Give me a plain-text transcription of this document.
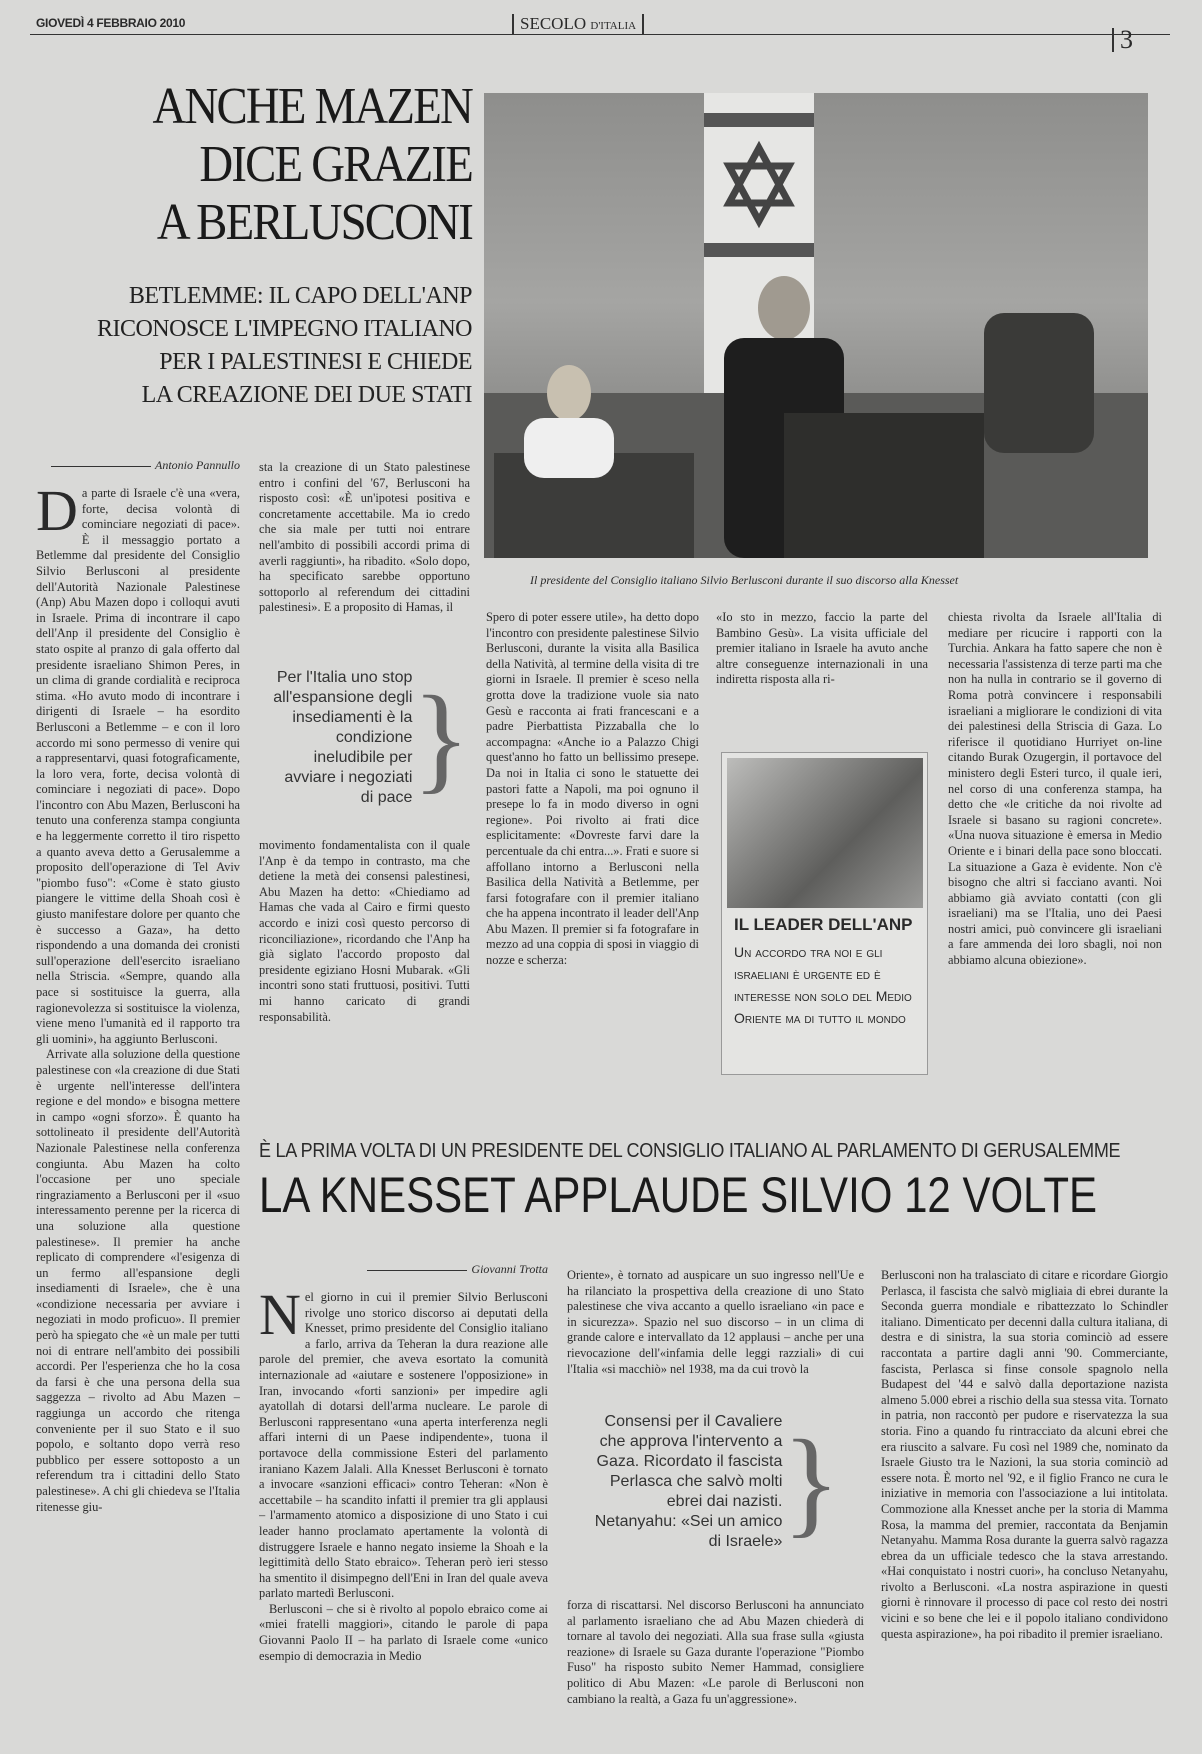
GIOVEDÌ 4 FEBBRAIO 2010	SECOLO D'ITALIA	3
ANCHE MAZEN
DICE GRAZIE
A BERLUSCONI
BETLEMME: IL CAPO DELL'ANP
RICONOSCE L'IMPEGNO ITALIANO
PER I PALESTINESI E CHIEDE
LA CREAZIONE DEI DUE STATI
Il presidente del Consiglio italiano Silvio Berlusconi durante il suo discorso alla Knesset
Antonio Pannullo
D a parte di Israele c'è una «vera, forte, decisa volontà di cominciare negoziati di pace». È il messaggio portato a Betlemme dal presidente del Consiglio Silvio Berlusconi al presidente dell'Autorità Nazionale Palestinese (Anp) Abu Mazen dopo i colloqui avuti in Israele. Prima di incontrare il capo dell'Anp il presidente del Consiglio è stato ospite al pranzo di gala offerto dal presidente israeliano Shimon Peres, in un clima di grande cordialità e reciproca stima. «Ho avuto modo di incontrare i dirigenti di Israele – ha esordito Berlusconi a Betlemme – e con il loro accordo mi sono permesso di venire qui a rappresentarvi, quasi fotograficamente, la loro vera, forte, decisa volontà di cominciare i negoziati di pace». Dopo l'incontro con Abu Mazen, Berlusconi ha tenuto una conferenza stampa congiunta e ha leggermente corretto il tiro rispetto a quanto aveva detto a Gerusalemme a proposito dell'operazione di Tel Aviv "piombo fuso": «Come è stato giusto piangere le vittime della Shoah così è giusto manifestare dolore per quanto che è successo a Gaza», ha detto rispondendo a una domanda dei cronisti sull'operazione dell'esercito israeliano nella Striscia. «Sempre, quando alla pace si sostituisce la guerra, alla ragionevolezza si sostituisce la violenza, viene meno l'umanità ed il rapporto tra gli uomini», ha aggiunto Berlusconi.

Arrivate alla soluzione della questione palestinese con «la creazione di due Stati è urgente nell'interesse dell'intera regione e del mondo» e bisogna mettere in campo «ogni sforzo». È quanto ha sottolineato il presidente dell'Autorità Nazionale Palestinese nella conferenza congiunta. Abu Mazen ha colto l'occasione per uno speciale ringraziamento a Berlusconi per il «suo interessamento perenne per la ricerca di una soluzione alla questione palestinese». Il premier ha anche replicato di comprendere «l'esigenza di un fermo all'espansione degli insediamenti di Israele», che è una «condizione necessaria per avviare i negoziati in modo proficuo». Il premier però ha spiegato che «è un male per tutti noi di entrare nell'ambito dei possibili accordi. Per l'esperienza che ho la cosa da farsi è che una persona della sua saggezza – rivolto ad Abu Mazen – raggiunga un accordo che ritenga conveniente per il suo Stato e il suo popolo, e soltanto dopo verrà reso pubblico per essere sottoposto a un referendum tra i cittadini dello Stato palestinese». A chi gli chiedeva se l'Italia ritenesse giu-

sta la creazione di un Stato palestinese entro i confini del '67, Berlusconi ha risposto così: «È un'ipotesi positiva e concretamente accettabile. Ma io credo che sia male per tutti noi entrare nell'ambito di possibili accordi prima di averli raggiunti», ha ribadito. «Solo dopo, ha specificato sarebbe opportuno sottoporlo al referendum dei cittadini palestinesi». E a proposito di Hamas, il
Per l'Italia uno stop all'espansione degli insediamenti è la condizione ineludibile per avviare i negoziati di pace }
movimento fondamentalista con il quale l'Anp è da tempo in contrasto, ma che detiene la metà dei consensi palestinesi, Abu Mazen ha detto: «Chiediamo ad Hamas che vada al Cairo e firmi questo accordo e inizi così questo percorso di riconciliazione», ricordando che l'Anp ha già siglato l'accordo proposto dal presidente egiziano Hosni Mubarak. «Gli incontri sono stati fruttuosi, positivi. Tutti mi hanno caricato di grandi responsabilità.
Spero di poter essere utile», ha detto dopo l'incontro con presidente palestinese Silvio Berlusconi, durante la visita alla Basilica della Natività, al termine della visita di tre giorni in Israele. Il premier è sceso nella grotta dove la tradizione vuole sia nato Gesù e racconta ai frati francescani e a padre Pierbattista Pizzaballa che lo accompagna: «Anche io a Palazzo Chigi quest'anno ho fatto un bellissimo presepe. Da noi in Italia ci sono le statuette dei pastori fatte a Napoli, ma poi ognuno il presepe lo fa in modo diverso in ogni regione». Poi rivolto ai frati dice esplicitamente: «Dovreste farvi dare la percentuale da chi entra...». Frati e suore si affollano intorno a Berlusconi nella Basilica della Natività a Betlemme, per farsi fotografare con il premier italiano che ha appena incontrato il leader dell'Anp Abu Mazen. Il premier si fa fotografare in mezzo ad una coppia di sposi in viaggio di nozze e scherza:
«Io sto in mezzo, faccio la parte del Bambino Gesù». La visita ufficiale del premier italiano in Israele ha avuto anche altre conseguenze internazionali in una indiretta risposta alla ri-
IL LEADER DELL'ANP
Un accordo tra noi e gli israeliani è urgente ed è interesse non solo del Medio Oriente ma di tutto il mondo
chiesta rivolta da Israele all'Italia di mediare per ricucire i rapporti con la Turchia. Ankara ha fatto sapere che non è necessaria l'assistenza di terze parti ma che non ha nulla in contrario se il governo di Roma potrà convincere i responsabili israeliani a migliorare le condizioni di vita dei palestinesi della Striscia di Gaza. Lo riferisce il quotidiano Hurriyet on-line citando Burak Ozugergin, il portavoce del ministero degli Esteri turco, il quale ieri, nel corso di una conferenza stampa, ha detto che «le critiche da noi rivolte ad Israele si basano su ragioni concrete». «Una nuova situazione è emersa in Medio Oriente e i binari della pace sono bloccati. La situazione a Gaza è evidente. Non c'è bisogno che altri si facciano avanti. Noi abbiamo già avviato contatti (con gli israeliani) ma se l'Italia, uno dei Paesi nostri amici, può convincere gli israeliani a fare ammenda dei loro sbagli, noi non abbiamo alcuna obiezione».
È LA PRIMA VOLTA DI UN PRESIDENTE DEL CONSIGLIO ITALIANO AL PARLAMENTO DI GERUSALEMME
LA KNESSET APPLAUDE SILVIO 12 VOLTE
Giovanni Trotta
N el giorno in cui il premier Silvio Berlusconi rivolge uno storico discorso ai deputati della Knesset, primo presidente del Consiglio italiano a farlo, arriva da Teheran la dura reazione alle parole del premier, che aveva esortato la comunità internazionale ad «aiutare e sostenere l'opposizione» in Iran, invocando «forti sanzioni» per impedire agli ayatollah di dotarsi dell'arma nucleare. Le parole di Berlusconi rappresentano «una aperta interferenza negli affari interni di un Paese indipendente», tuona il portavoce della commissione Esteri del parlamento iraniano Kazem Jalali. Alla Knesset Berlusconi è tornato a invocare «sanzioni efficaci» contro Teheran: «Non è accettabile – ha scandito infatti il premier tra gli applausi – l'armamento atomico a disposizione di uno Stato i cui leader hanno proclamato apertamente la volontà di distruggere Israele e hanno negato insieme la Shoah e la legittimità dello Stato ebraico». Teheran però ieri stesso ha smentito il disimpegno dell'Eni in Iran del quale aveva parlato martedì Berlusconi.

Berlusconi – che si è rivolto al popolo ebraico come ai «miei fratelli maggiori», citando le parole di papa Giovanni Paolo II – ha parlato di Israele come «unico esempio di democrazia in Medio

Oriente», è tornato ad auspicare un suo ingresso nell'Ue e ha rilanciato la prospettiva della creazione di uno Stato palestinese che viva accanto a quello israeliano «in pace e in sicurezza». Spazio nel suo discorso – in un clima di grande calore e intervallato da 12 applausi – anche per una rievocazione dell'«infamia delle leggi razziali» di cui l'Italia «si macchiò» nel 1938, ma da cui trovò la
Consensi per il Cavaliere che approva l'intervento a Gaza. Ricordato il fascista Perlasca che salvò molti ebrei dai nazisti. Netanyahu: «Sei un amico di Israele» }
forza di riscattarsi. Nel discorso Berlusconi ha annunciato al parlamento israeliano che ad Abu Mazen chiederà di tornare al tavolo dei negoziati. Alla sua frase sulla «giusta reazione» di Israele su Gaza durante l'operazione "Piombo Fuso" ha risposto subito Nemer Hammad, consigliere politico di Abu Mazen: «Le parole di Berlusconi non cambiano la realtà, a Gaza fu un'aggressione».
Berlusconi non ha tralasciato di citare e ricordare Giorgio Perlasca, il fascista che salvò migliaia di ebrei durante la Seconda guerra mondiale e ribattezzato lo Schindler italiano. Dimenticato per decenni dalla cultura italiana, di destra e di sinistra, la sua storia cominciò ad essere raccontata a partire dagli anni '90. Commerciante, fascista, Perlasca si finse console spagnolo nella Budapest del '44 e salvò dalla deportazione nazista almeno 5.000 ebrei a rischio della sua stessa vita. Tornato in patria, non raccontò per pudore e riservatezza la sua storia. Fino a quando fu rintracciato da alcuni ebrei che era riuscito a salvare. Fu così nel 1989 che, nominato da Israele Giusto tra le Nazioni, la sua storia cominciò ad essere nota. È morto nel '92, e il figlio Franco ne cura le iniziative in memoria con l'associazione a lui intitolata. Commozione alla Knesset anche per la storia di Mamma Rosa, la mamma del premier, raccontata da Benjamin Netanyahu. Mamma Rosa durante la guerra salvò ragazza ebrea da un ufficiale tedesco che la stava arrestando. «Hai conquistato i nostri cuori», ha concluso Netanyahu, rivolto a Berlusconi. «La nostra aspirazione in questi giorni è rinnovare il processo di pace col resto dei nostri vicini e so bene che lei e il popolo italiano condividono questa aspirazione», ha poi ribadito il premier israeliano.
